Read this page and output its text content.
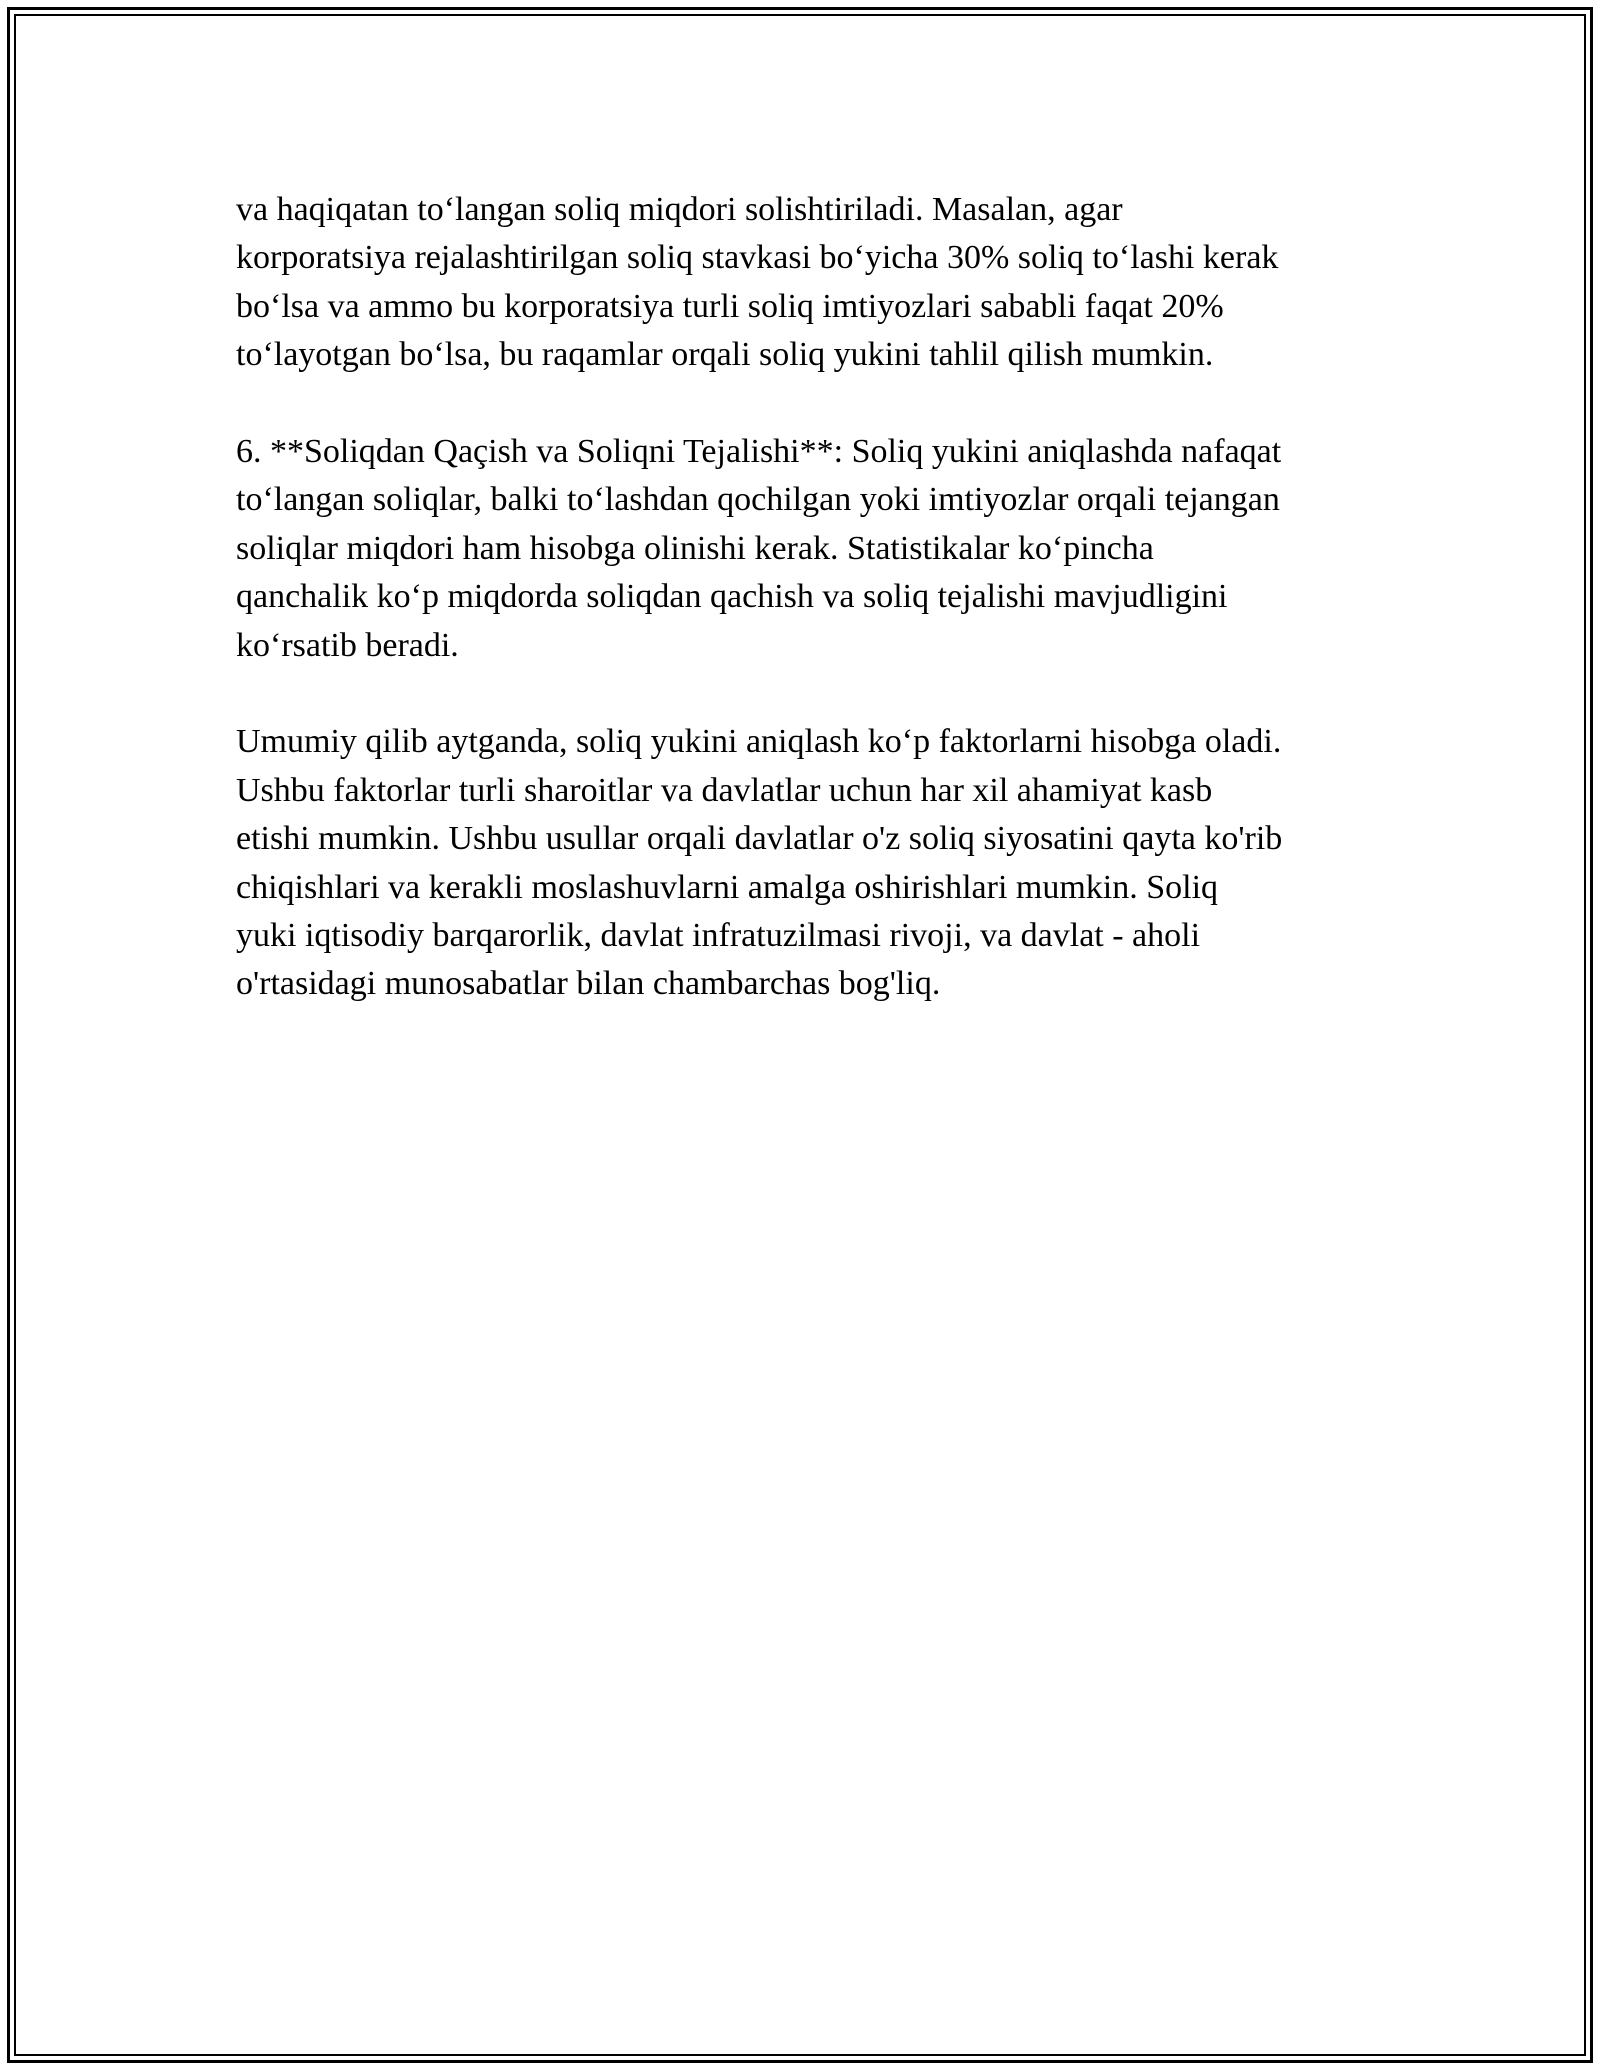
va haqiqatan to‘langan soliq miqdori solishtiriladi. Masalan, agar
korporatsiya rejalashtirilgan soliq stavkasi bo‘yicha 30% soliq to‘lashi kerak
bo‘lsa va ammo bu korporatsiya turli soliq imtiyozlari sababli faqat 20%
to‘layotgan bo‘lsa, bu raqamlar orqali soliq yukini tahlil qilish mumkin.

6. **Soliqdan Qaçish va Soliqni Tejalishi**: Soliq yukini aniqlashda nafaqat
to‘langan soliqlar, balki to‘lashdan qochilgan yoki imtiyozlar orqali tejangan
soliqlar miqdori ham hisobga olinishi kerak. Statistikalar ko‘pincha
qanchalik ko‘p miqdorda soliqdan qachish va soliq tejalishi mavjudligini
ko‘rsatib beradi.

Umumiy qilib aytganda, soliq yukini aniqlash ko‘p faktorlarni hisobga oladi.
Ushbu faktorlar turli sharoitlar va davlatlar uchun har xil ahamiyat kasb
etishi mumkin. Ushbu usullar orqali davlatlar o'z soliq siyosatini qayta ko'rib
chiqishlari va kerakli moslashuvlarni amalga oshirishlari mumkin. Soliq
yuki iqtisodiy barqarorlik, davlat infratuzilmasi rivoji, va davlat - aholi
o'rtasidagi munosabatlar bilan chambarchas bog'liq.
